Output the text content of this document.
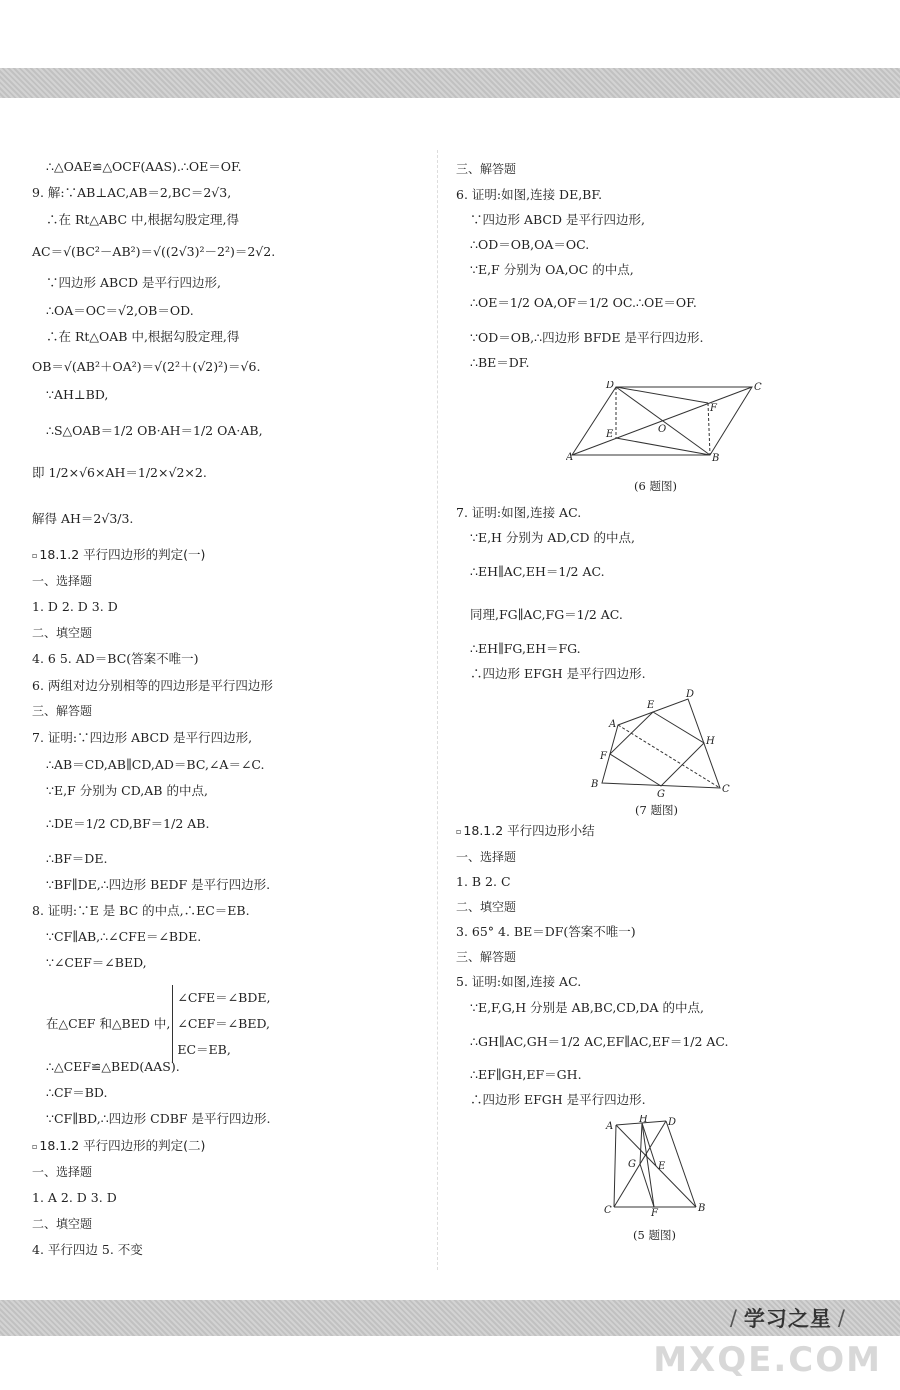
∴△OAE≌△OCF(AAS).∴OE＝OF.
9. 解:∵AB⊥AC,AB＝2,BC＝2√3,
∴在 Rt△ABC 中,根据勾股定理,得
AC＝√(BC²－AB²)＝√((2√3)²－2²)＝2√2.
∵四边形 ABCD 是平行四边形,
∴OA＝OC＝√2,OB＝OD.
∴在 Rt△OAB 中,根据勾股定理,得
OB＝√(AB²＋OA²)＝√(2²＋(√2)²)＝√6.
∵AH⊥BD,
∴S△OAB＝1/2 OB·AH＝1/2 OA·AB,
即 1/2×√6×AH＝1/2×√2×2.
解得 AH＝2√3/3.
▫ 18.1.2 平行四边形的判定(一)
一、选择题
1. D 2. D 3. D
二、填空题
4. 6 5. AD＝BC(答案不唯一)
6. 两组对边分别相等的四边形是平行四边形
三、解答题
7. 证明:∵四边形 ABCD 是平行四边形,
∴AB＝CD,AB∥CD,AD＝BC,∠A＝∠C.
∵E,F 分别为 CD,AB 的中点,
∴DE＝1/2 CD,BF＝1/2 AB.
∴BF＝DE.
∵BF∥DE,∴四边形 BEDF 是平行四边形.
8. 证明:∵E 是 BC 的中点,∴EC＝EB.
∵CF∥AB,∴∠CFE＝∠BDE.
∵∠CEF＝∠BED,
在△CEF 和△BED 中,
∠CFE＝∠BDE,
∠CEF＝∠BED,
EC＝EB,
∴△CEF≌△BED(AAS).
∴CF＝BD.
∵CF∥BD,∴四边形 CDBF 是平行四边形.
▫ 18.1.2 平行四边形的判定(二)
一、选择题
1. A 2. D 3. D
二、填空题
4. 平行四边 5. 不变
三、解答题
6. 证明:如图,连接 DE,BF.
∵四边形 ABCD 是平行四边形,
∴OD＝OB,OA＝OC.
∵E,F 分别为 OA,OC 的中点,
∴OE＝1/2 OA,OF＝1/2 OC.∴OE＝OF.
∵OD＝OB,∴四边形 BFDE 是平行四边形.
∴BE＝DF.
D	C
A	B
E
F
O
(6 题图)
7. 证明:如图,连接 AC.
∵E,H 分别为 AD,CD 的中点,
∴EH∥AC,EH＝1/2 AC.
同理,FG∥AC,FG＝1/2 AC.
∴EH∥FG,EH＝FG.
∴四边形 EFGH 是平行四边形.
D
A
E
H
F
B
G	C
(7 题图)
▫ 18.1.2 平行四边形小结
一、选择题
1. B 2. C
二、填空题
3. 65° 4. BE＝DF(答案不唯一)
三、解答题
5. 证明:如图,连接 AC.
∵E,F,G,H 分别是 AB,BC,CD,DA 的中点,
∴GH∥AC,GH＝1/2 AC,EF∥AC,EF＝1/2 AC.
∴EF∥GH,EF＝GH.
∴四边形 EFGH 是平行四边形.
A
H D
G E
C	F	B
(5 题图)
/ 学习之星 /
MXQE.COM
